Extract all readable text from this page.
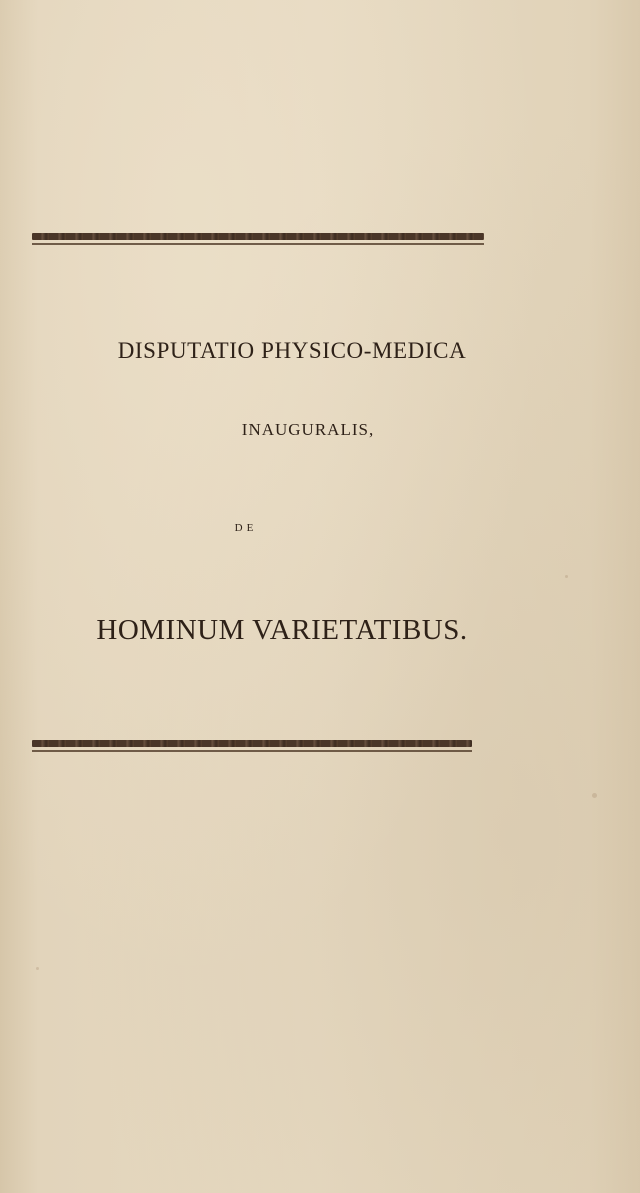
DISPUTATIO PHYSICO-MEDICA
INAUGURALIS,
DE
HOMINUM VARIETATIBUS.
